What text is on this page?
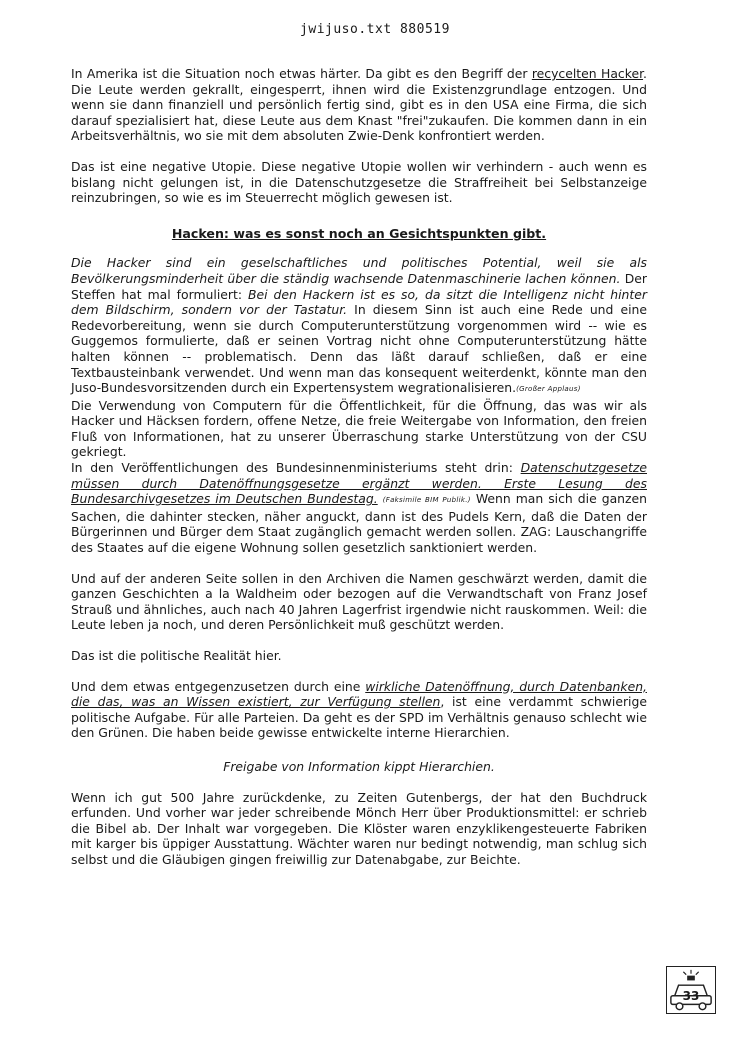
jwijuso.txt 880519

In Amerika ist die Situation noch etwas härter. Da gibt es den Begriff der recycelten Hacker. Die Leute werden gekrallt, eingesperrt, ihnen wird die Existenzgrundlage entzogen. Und wenn sie dann finanziell und persönlich fertig sind, gibt es in den USA eine Firma, die sich darauf spezialisiert hat, diese Leute aus dem Knast "frei"zukaufen. Die kommen dann in ein Arbeitsverhältnis, wo sie mit dem absoluten Zwie-Denk konfrontiert werden.

Das ist eine negative Utopie. Diese negative Utopie wollen wir verhindern - auch wenn es bislang nicht gelungen ist, in die Datenschutzgesetze die Straffreiheit bei Selbstanzeige reinzubringen, so wie es im Steuerrecht möglich gewesen ist.

Hacken: was es sonst noch an Gesichtspunkten gibt.

Die Hacker sind ein geselschaftliches und politisches Potential, weil sie als Bevölkerungsminderheit über die ständig wachsende Datenmaschinerie lachen können. Der Steffen hat mal formuliert: Bei den Hackern ist es so, da sitzt die Intelligenz nicht hinter dem Bildschirm, sondern vor der Tastatur. In diesem Sinn ist auch eine Rede und eine Redevorbereitung, wenn sie durch Computerunterstützung vorgenommen wird -- wie es Guggemos formulierte, daß er seinen Vortrag nicht ohne Computerunterstützung hätte halten können -- problematisch. Denn das läßt darauf schließen, daß er eine Textbausteinbank verwendet. Und wenn man das konsequent weiterdenkt, könnte man den Juso-Bundesvorsitzenden durch ein Expertensystem wegrationalisieren.(Großer Applaus)

Die Verwendung von Computern für die Öffentlichkeit, für die Öffnung, das was wir als Hacker und Häcksen fordern, offene Netze, die freie Weitergabe von Information, den freien Fluß von Informationen, hat zu unserer Überraschung starke Unterstützung von der CSU gekriegt.
In den Veröffentlichungen des Bundesinnenministeriums steht drin: Datenschutzgesetze müssen durch Datenöffnungsgesetze ergänzt werden. Erste Lesung des Bundesarchivgesetzes im Deutschen Bundestag. (Faksimile BIM Publik.) Wenn man sich die ganzen Sachen, die dahinter stecken, näher anguckt, dann ist des Pudels Kern, daß die Daten der Bürgerinnen und Bürger dem Staat zugänglich gemacht werden sollen. ZAG: Lauschangriffe des Staates auf die eigene Wohnung sollen gesetzlich sanktioniert werden.

Und auf der anderen Seite sollen in den Archiven die Namen geschwärzt werden, damit die ganzen Geschichten a la Waldheim oder bezogen auf die Verwandtschaft von Franz Josef Strauß und ähnliches, auch nach 40 Jahren Lagerfrist irgendwie nicht rauskommen. Weil: die Leute leben ja noch, und deren Persönlichkeit muß geschützt werden.

Das ist die politische Realität hier.

Und dem etwas entgegenzusetzen durch eine wirkliche Datenöffnung, durch Datenbanken, die das, was an Wissen existiert, zur Verfügung stellen, ist eine verdammt schwierige politische Aufgabe. Für alle Parteien. Da geht es der SPD im Verhältnis genauso schlecht wie den Grünen. Die haben beide gewisse entwickelte interne Hierarchien.

Freigabe von Information kippt Hierarchien.

Wenn ich gut 500 Jahre zurückdenke, zu Zeiten Gutenbergs, der hat den Buchdruck erfunden. Und vorher war jeder schreibende Mönch Herr über Produktionsmittel: er schrieb die Bibel ab. Der Inhalt war vorgegeben. Die Klöster waren enzyklikengesteuerte Fabriken mit karger bis üppiger Ausstattung. Wächter waren nur bedingt notwendig, man schlug sich selbst und die Gläubigen gingen freiwillig zur Datenabgabe, zur Beichte.

33
